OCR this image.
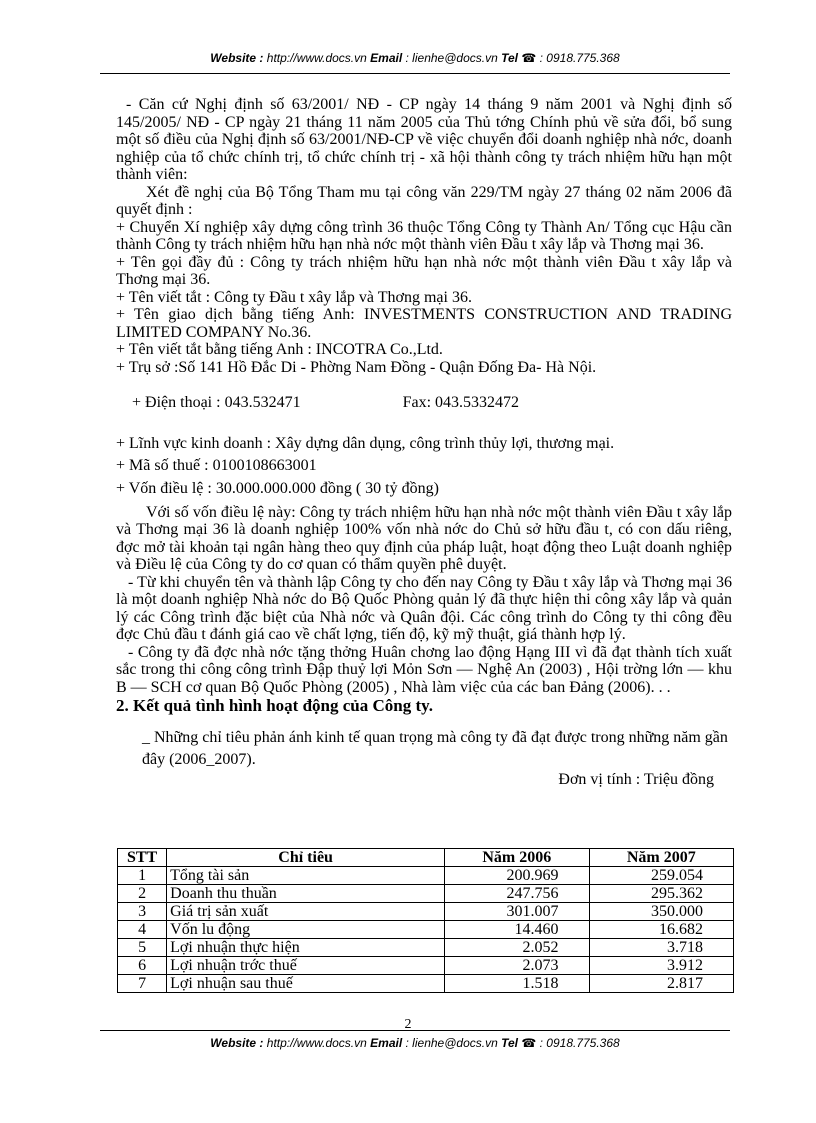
Website : http://www.docs.vn Email : lienhe@docs.vn Tel ☎ : 0918.775.368

- Căn cứ Nghị định số 63/2001/ NĐ - CP ngày 14 tháng 9 năm 2001 và Nghị định số 145/2005/ NĐ - CP ngày 21 tháng 11 năm 2005 của Thủ tớng Chính phủ về sửa đổi, bổ sung một số điều của Nghị định số 63/2001/NĐ-CP về việc chuyển đổi doanh nghiệp nhà nớc, doanh nghiệp của tổ chức chính trị, tổ chức chính trị - xã hội thành công ty trách nhiệm hữu hạn một thành viên:

Xét đề nghị của Bộ Tổng Tham mu tại công văn 229/TM ngày 27 tháng 02 năm 2006 đã quyết định :

+ Chuyển Xí nghiệp xây dựng công trình 36 thuộc Tổng Công ty Thành An/ Tổng cục Hậu cần thành Công ty trách nhiệm hữu hạn nhà nớc một thành viên Đầu t xây lắp và Thơng mại 36.

+ Tên gọi đầy đủ : Công ty trách nhiệm hữu hạn nhà nớc một thành viên Đầu t xây lắp và Thơng mại 36.

+ Tên viết tắt : Công ty Đầu t xây lắp và Thơng mại 36.

+ Tên giao dịch bằng tiếng Anh: INVESTMENTS CONSTRUCTION AND TRADING LIMITED COMPANY No.36.

+ Tên viết tắt bằng tiếng Anh : INCOTRA Co.,Ltd.

+ Trụ sở :Số 141 Hồ Đắc Di - Phờng Nam Đồng - Quận Đống Đa- Hà Nội.

+ Điện thoại : 043.532471	Fax: 043.5332472

+ Lĩnh vực kinh doanh : Xây dựng dân dụng, công trình thủy lợi, thương mại.

+ Mã số thuế : 0100108663001

+ Vốn điều lệ : 30.000.000.000 đồng ( 30 tỷ đồng)

Với số vốn điều lệ này: Công ty trách nhiệm hữu hạn nhà nớc một thành viên Đầu t xây lắp và Thơng mại 36 là doanh nghiệp 100% vốn nhà nớc do Chủ sở hữu đầu t, có con dấu riêng, đợc mở tài khoản tại ngân hàng theo quy định của pháp luật, hoạt động theo Luật doanh nghiệp và Điều lệ của Công ty do cơ quan có thẩm quyền phê duyệt.

- Từ khi chuyển tên và thành lập Công ty cho đến nay Công ty Đầu t xây lắp và Thơng mại 36 là một doanh nghiệp Nhà nớc do Bộ Quốc Phòng quản lý đã thực hiện thi công xây lắp và quản lý các Công trình đặc biệt của Nhà nớc và Quân đội. Các công trình do Công ty thi công đều đợc Chủ đầu t đánh giá cao về chất lợng, tiến độ, kỹ mỹ thuật, giá thành hợp lý.

- Công ty đã đợc nhà nớc tặng thởng Huân chơng lao động Hạng III vì đã đạt thành tích xuất sắc trong thi công công trình Đập thuỷ lợi Mỏn Sơn — Nghệ An (2003) , Hội trờng lớn — khu B — SCH cơ quan Bộ Quốc Phòng (2005) , Nhà làm việc của các ban Đảng (2006). . .

2. Kết quả tình hình hoạt động của Công ty.

_ Những chỉ tiêu phản ánh kinh tế quan trọng mà công ty đã đạt được trong những năm gần đây (2006_2007).

Đơn vị tính : Triệu đồng

STT	Chỉ tiêu	Năm 2006	Năm 2007
1	Tổng tài sản	200.969	259.054
2	Doanh thu thuần	247.756	295.362
3	Giá trị sản xuất	301.007	350.000
4	Vốn lu động	14.460	16.682
5	Lợi nhuận thực hiện	2.052	3.718
6	Lợi nhuận trớc thuế	2.073	3.912
7	Lợi nhuận sau thuế	1.518	2.817
2
Website : http://www.docs.vn Email : lienhe@docs.vn Tel ☎ : 0918.775.368
